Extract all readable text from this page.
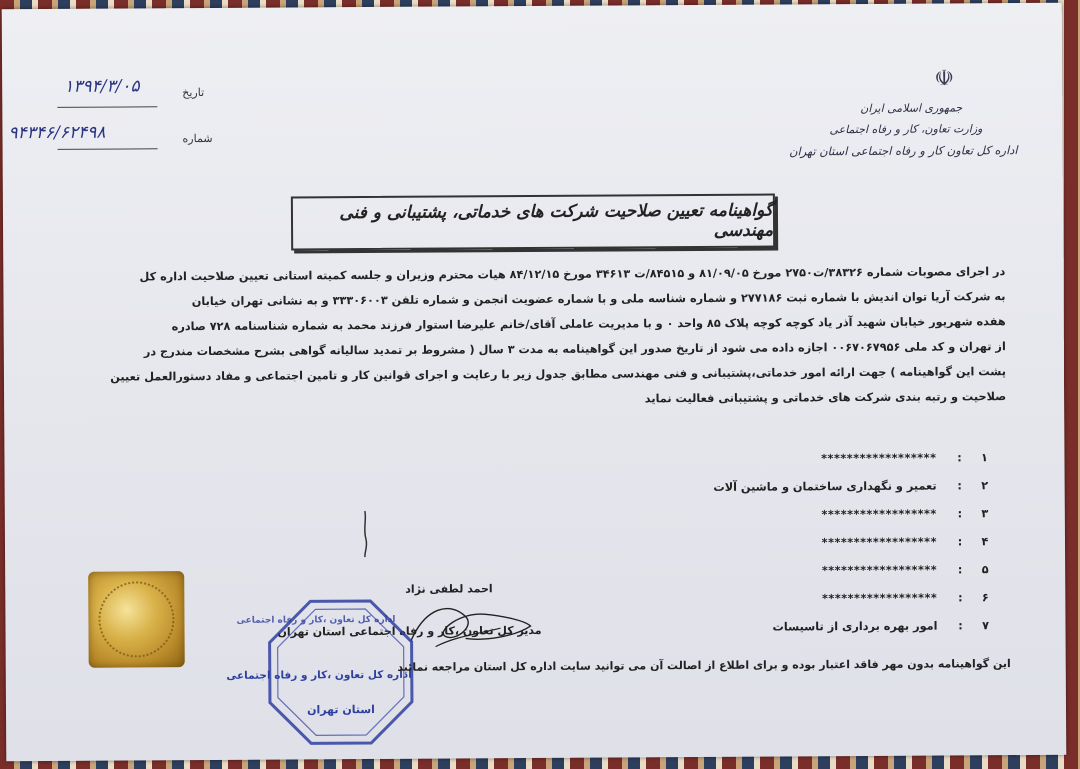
☫
جمهوری اسلامی ایران
وزارت تعاون، کار و رفاه اجتماعی
اداره کل تعاون کار و رفاه اجتماعی استان تهران
تاریخ
۱۳۹۴/۳/۰۵
شماره
۹۴۳۴۶/۶۲۴۹۸
گواهینامه تعیین صلاحیت شرکت های خدماتی، پشتیبانی و فنی مهندسی
در اجرای مصوبات شماره ۳۸۳۲۶/ت۲۷۵۰ مورخ ۸۱/۰۹/۰۵ و ۸۴۵۱۵/ت ۳۴۶۱۳ مورخ ۸۴/۱۲/۱۵ هیات محترم وزیران و جلسه کمیته استانی تعیین صلاحیت اداره کل
به شرکت آریا توان اندیش با شماره ثبت ۲۷۷۱۸۶ و شماره شناسه ملی و با شماره عضویت انجمن و شماره تلفن ۳۳۳۰۶۰۰۳ و به نشانی تهران خیابان
هفده شهریور خیابان شهید آذر یاد کوچه کوچه پلاک ۸۵ واحد ۰ و با مدیریت عاملی آقای/خانم علیرضا استوار فرزند محمد به شماره شناسنامه ۷۲۸ صادره
از تهران و کد ملی ۰۰۶۷۰۶۷۹۵۶ اجازه داده می شود از تاریخ صدور این گواهینامه به مدت ۳ سال ( مشروط بر تمدید سالیانه گواهی بشرح مشخصات مندرج در
پشت این گواهینامه ) جهت ارائه امور خدماتی،پشتیبانی و فنی مهندسی مطابق جدول زیر با رعایت و اجرای قوانین کار و تامین اجتماعی و مفاد دستورالعمل تعیین
صلاحیت و رتبه بندی شرکت های خدماتی و پشتیبانی فعالیت نماید
۱
:
******************
۲
:
تعمیر و نگهداری ساختمان و ماشین آلات
۳
:
******************
۴
:
******************
۵
:
******************
۶
:
******************
۷
:
امور بهره برداری از تاسیسات
احمد لطفی نژاد
مدیر کل تعاون ،کار و رفاه اجتماعی استان تهران
اداره کل تعاون ،کار و رفاه اجتماعی
اداره کل تعاون ،کار و رفاه اجتماعی
استان تهران
این گواهینامه بدون مهر فاقد اعتبار بوده و برای اطلاع از اصالت آن می توانید سایت اداره کل استان مراجعه نمائید
